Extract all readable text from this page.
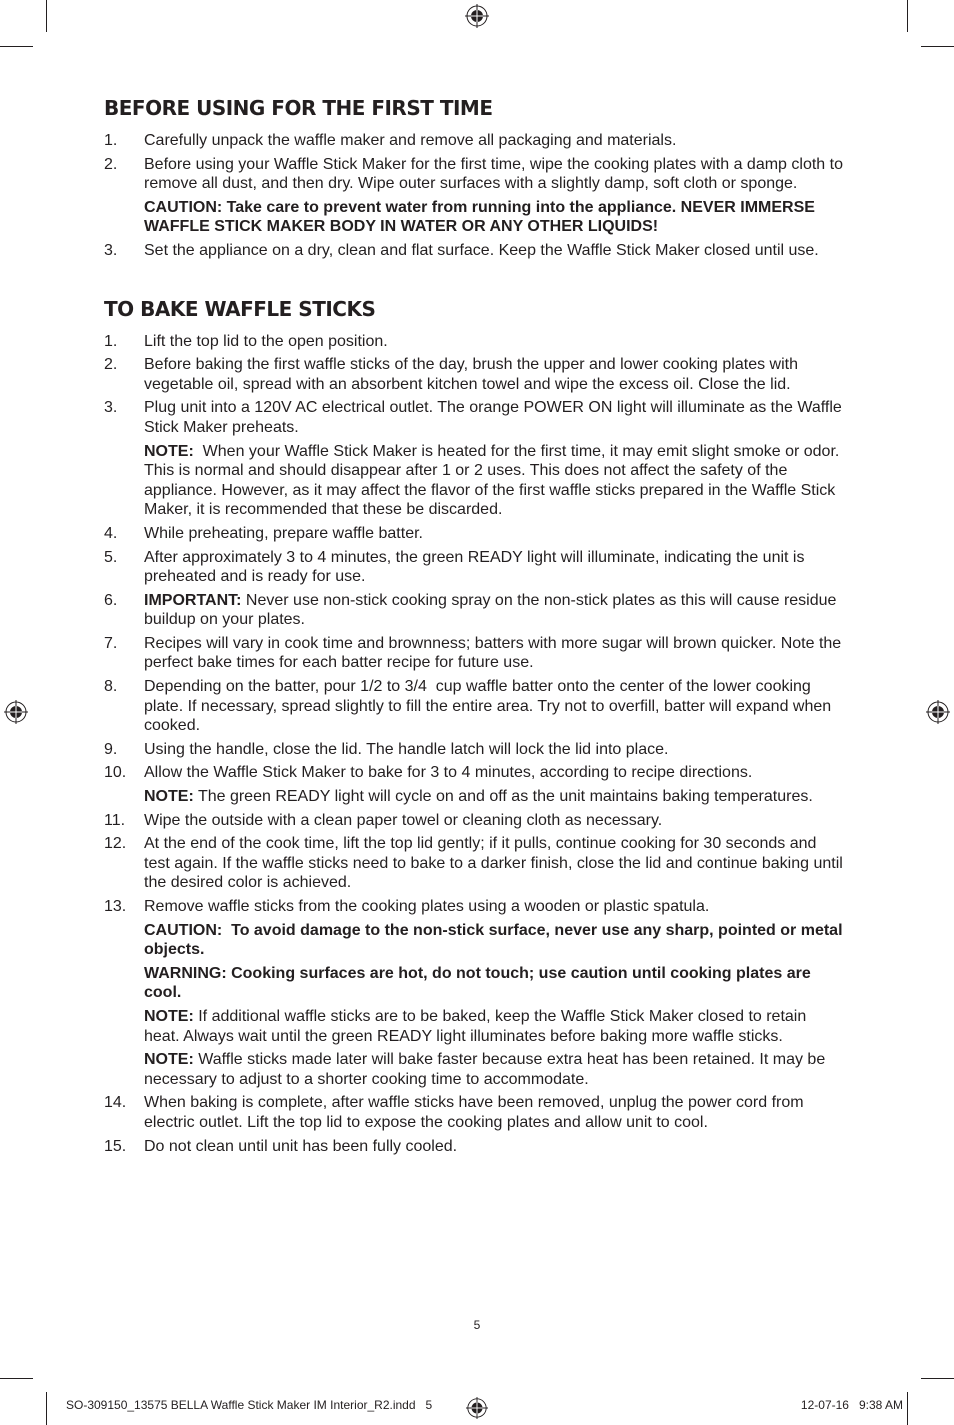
BEFORE USING FOR THE FIRST TIME
1. Carefully unpack the waffle maker and remove all packaging and materials.
2. Before using your Waffle Stick Maker for the first time, wipe the cooking plates with a damp cloth to remove all dust, and then dry. Wipe outer surfaces with a slightly damp, soft cloth or sponge.
CAUTION: Take care to prevent water from running into the appliance. NEVER IMMERSE WAFFLE STICK MAKER BODY IN WATER OR ANY OTHER LIQUIDS!
3. Set the appliance on a dry, clean and flat surface. Keep the Waffle Stick Maker closed until use.
TO BAKE WAFFLE STICKS
1. Lift the top lid to the open position.
2. Before baking the first waffle sticks of the day, brush the upper and lower cooking plates with vegetable oil, spread with an absorbent kitchen towel and wipe the excess oil. Close the lid.
3. Plug unit into a 120V AC electrical outlet. The orange POWER ON light will illuminate as the Waffle Stick Maker preheats.
NOTE:  When your Waffle Stick Maker is heated for the first time, it may emit slight smoke or odor. This is normal and should disappear after 1 or 2 uses. This does not affect the safety of the appliance. However, as it may affect the flavor of the first waffle sticks prepared in the Waffle Stick Maker, it is recommended that these be discarded.
4. While preheating, prepare waffle batter.
5. After approximately 3 to 4 minutes, the green READY light will illuminate, indicating the unit is preheated and is ready for use.
6. IMPORTANT: Never use non-stick cooking spray on the non-stick plates as this will cause residue buildup on your plates.
7. Recipes will vary in cook time and brownness; batters with more sugar will brown quicker. Note the perfect bake times for each batter recipe for future use.
8. Depending on the batter, pour 1/2 to 3/4  cup waffle batter onto the center of the lower cooking plate. If necessary, spread slightly to fill the entire area. Try not to overfill, batter will expand when cooked.
9. Using the handle, close the lid. The handle latch will lock the lid into place.
10. Allow the Waffle Stick Maker to bake for 3 to 4 minutes, according to recipe directions.
NOTE: The green READY light will cycle on and off as the unit maintains baking temperatures.
11. Wipe the outside with a clean paper towel or cleaning cloth as necessary.
12. At the end of the cook time, lift the top lid gently; if it pulls, continue cooking for 30 seconds and test again. If the waffle sticks need to bake to a darker finish, close the lid and continue baking until the desired color is achieved.
13. Remove waffle sticks from the cooking plates using a wooden or plastic spatula.
CAUTION:  To avoid damage to the non-stick surface, never use any sharp, pointed or metal objects.
WARNING: Cooking surfaces are hot, do not touch; use caution until cooking plates are cool.
NOTE: If additional waffle sticks are to be baked, keep the Waffle Stick Maker closed to retain heat. Always wait until the green READY light illuminates before baking more waffle sticks.
NOTE: Waffle sticks made later will bake faster because extra heat has been retained. It may be necessary to adjust to a shorter cooking time to accommodate.
14. When baking is complete, after waffle sticks have been removed, unplug the power cord from electric outlet. Lift the top lid to expose the cooking plates and allow unit to cool.
15. Do not clean until unit has been fully cooled.
5
SO-309150_13575 BELLA Waffle Stick Maker IM Interior_R2.indd   5	12-07-16   9:38 AM
